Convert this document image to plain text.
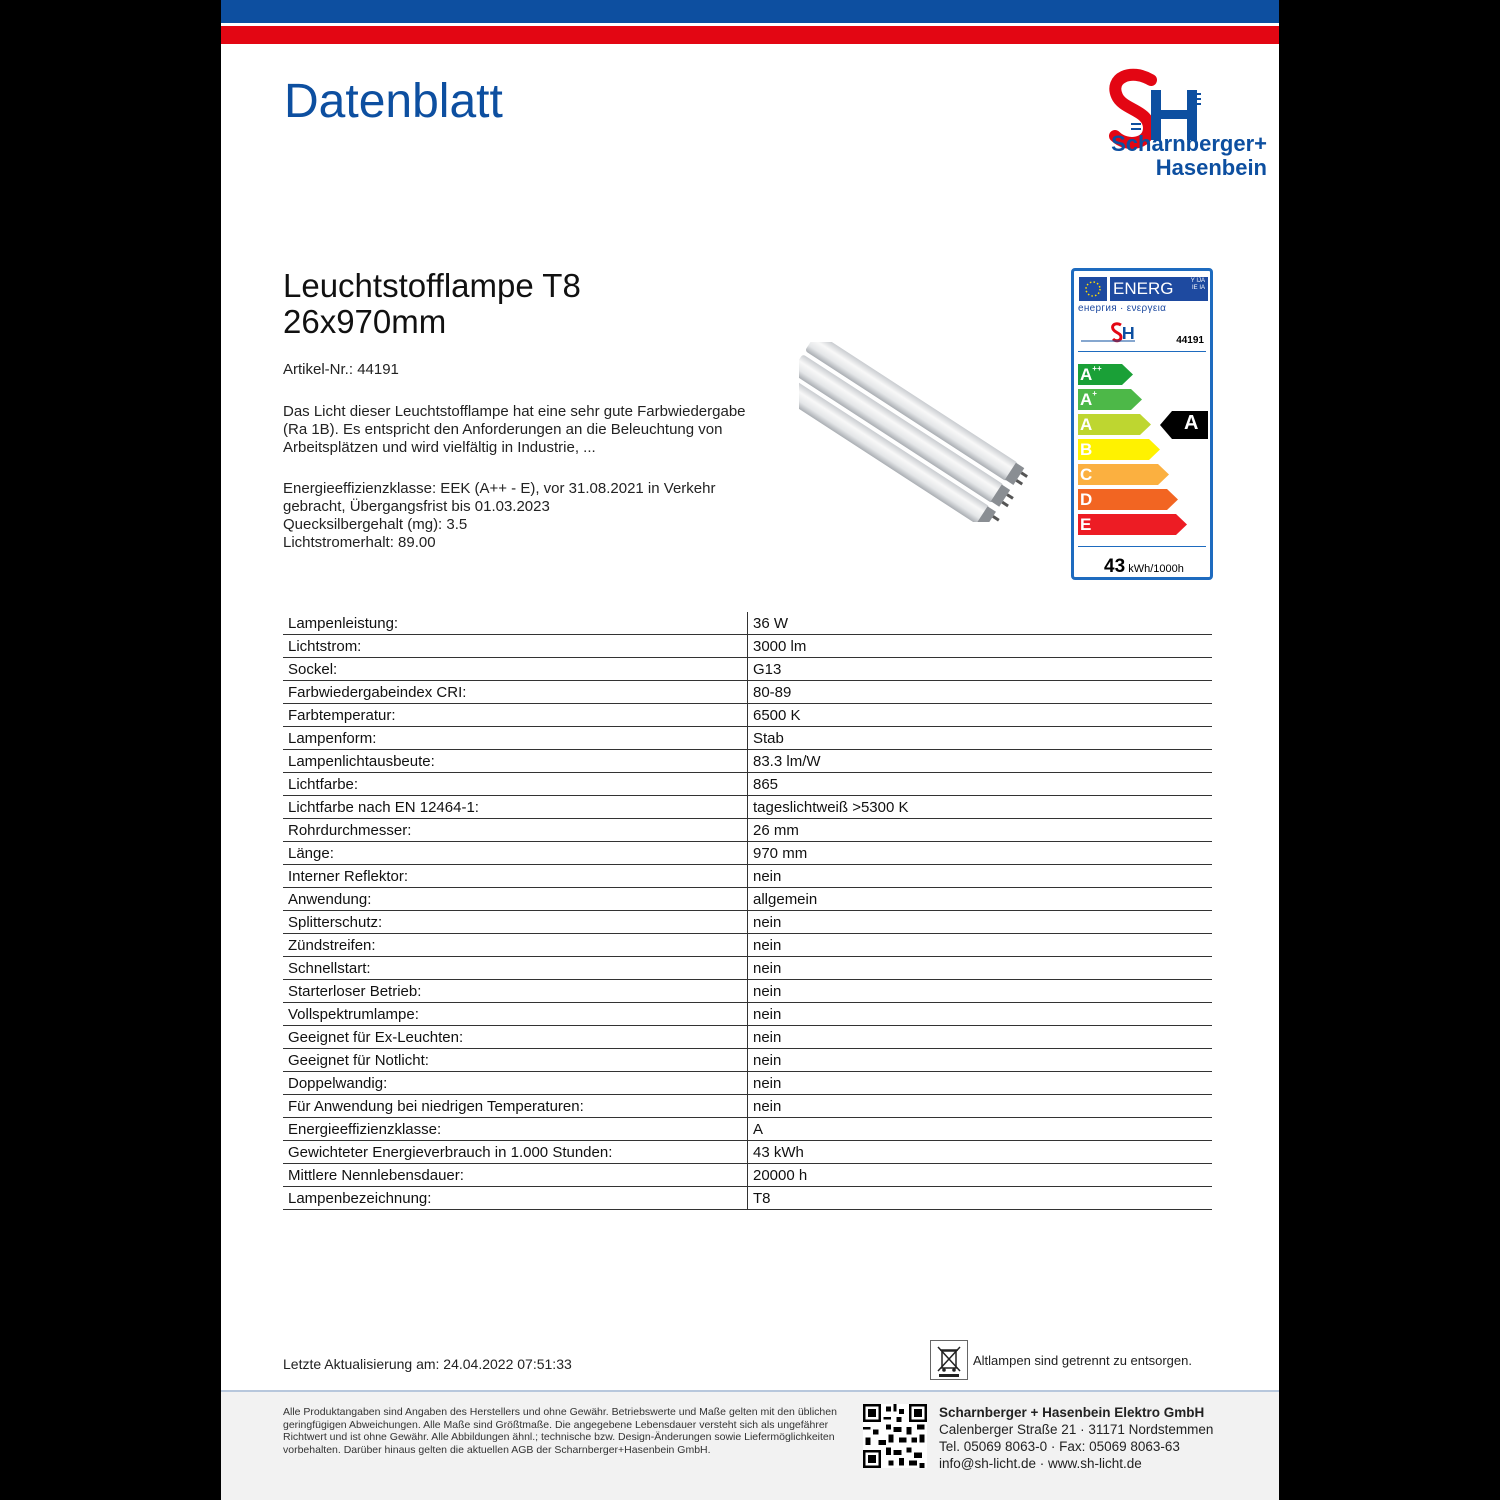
Datenblatt
Scharnberger+
Hasenbein
Leuchtstofflampe T8
26x970mm
Artikel-Nr.: 44191
Das Licht dieser Leuchtstofflampe hat eine sehr gute Farbwiedergabe (Ra 1B). Es entspricht den Anforderungen an die Beleuchtung von Arbeitsplätzen und wird vielfältig in Industrie, ...
Energieeffizienzklasse: EEK (A++ - E), vor 31.08.2021 in Verkehr gebracht, Übergangsfrist bis 01.03.2023
Quecksilbergehalt (mg): 3.5
Lichtstromerhalt: 89.00
ENERG	Y IJA
IE IA
енергия · ενεργεια
44191
A++
A+
A
B
C
D
E
A
43 kWh/1000h
Lampenleistung:	36 W
Lichtstrom:	3000 lm
Sockel:	G13
Farbwiedergabeindex CRI:	80-89
Farbtemperatur:	6500 K
Lampenform:	Stab
Lampenlichtausbeute:	83.3 lm/W
Lichtfarbe:	865
Lichtfarbe nach EN 12464-1:	tageslichtweiß >5300 K
Rohrdurchmesser:	26 mm
Länge:	970 mm
Interner Reflektor:	nein
Anwendung:	allgemein
Splitterschutz:	nein
Zündstreifen:	nein
Schnellstart:	nein
Starterloser Betrieb:	nein
Vollspektrumlampe:	nein
Geeignet für Ex-Leuchten:	nein
Geeignet für Notlicht:	nein
Doppelwandig:	nein
Für Anwendung bei niedrigen Temperaturen:	nein
Energieeffizienzklasse:	A
Gewichteter Energieverbrauch in 1.000 Stunden:	43 kWh
Mittlere Nennlebensdauer:	20000 h
Lampenbezeichnung:	T8
Letzte Aktualisierung am: 24.04.2022 07:51:33	Altlampen sind getrennt zu entsorgen.
Alle Produktangaben sind Angaben des Herstellers und ohne Gewähr. Betriebswerte und Maße gelten mit den üblichen geringfügigen Abweichungen. Alle Maße sind Größtmaße. Die angegebene Lebensdauer versteht sich als ungefährer Richtwert und ist ohne Gewähr. Alle Abbildungen ähnl.; technische bzw. Design-Änderungen sowie Liefermöglichkeiten vorbehalten. Darüber hinaus gelten die aktuellen AGB der Scharnberger+Hasenbein GmbH.
Scharnberger + Hasenbein Elektro GmbH
Calenberger Straße 21 · 31171 Nordstemmen
Tel. 05069 8063-0 · Fax: 05069 8063-63
info@sh-licht.de · www.sh-licht.de
